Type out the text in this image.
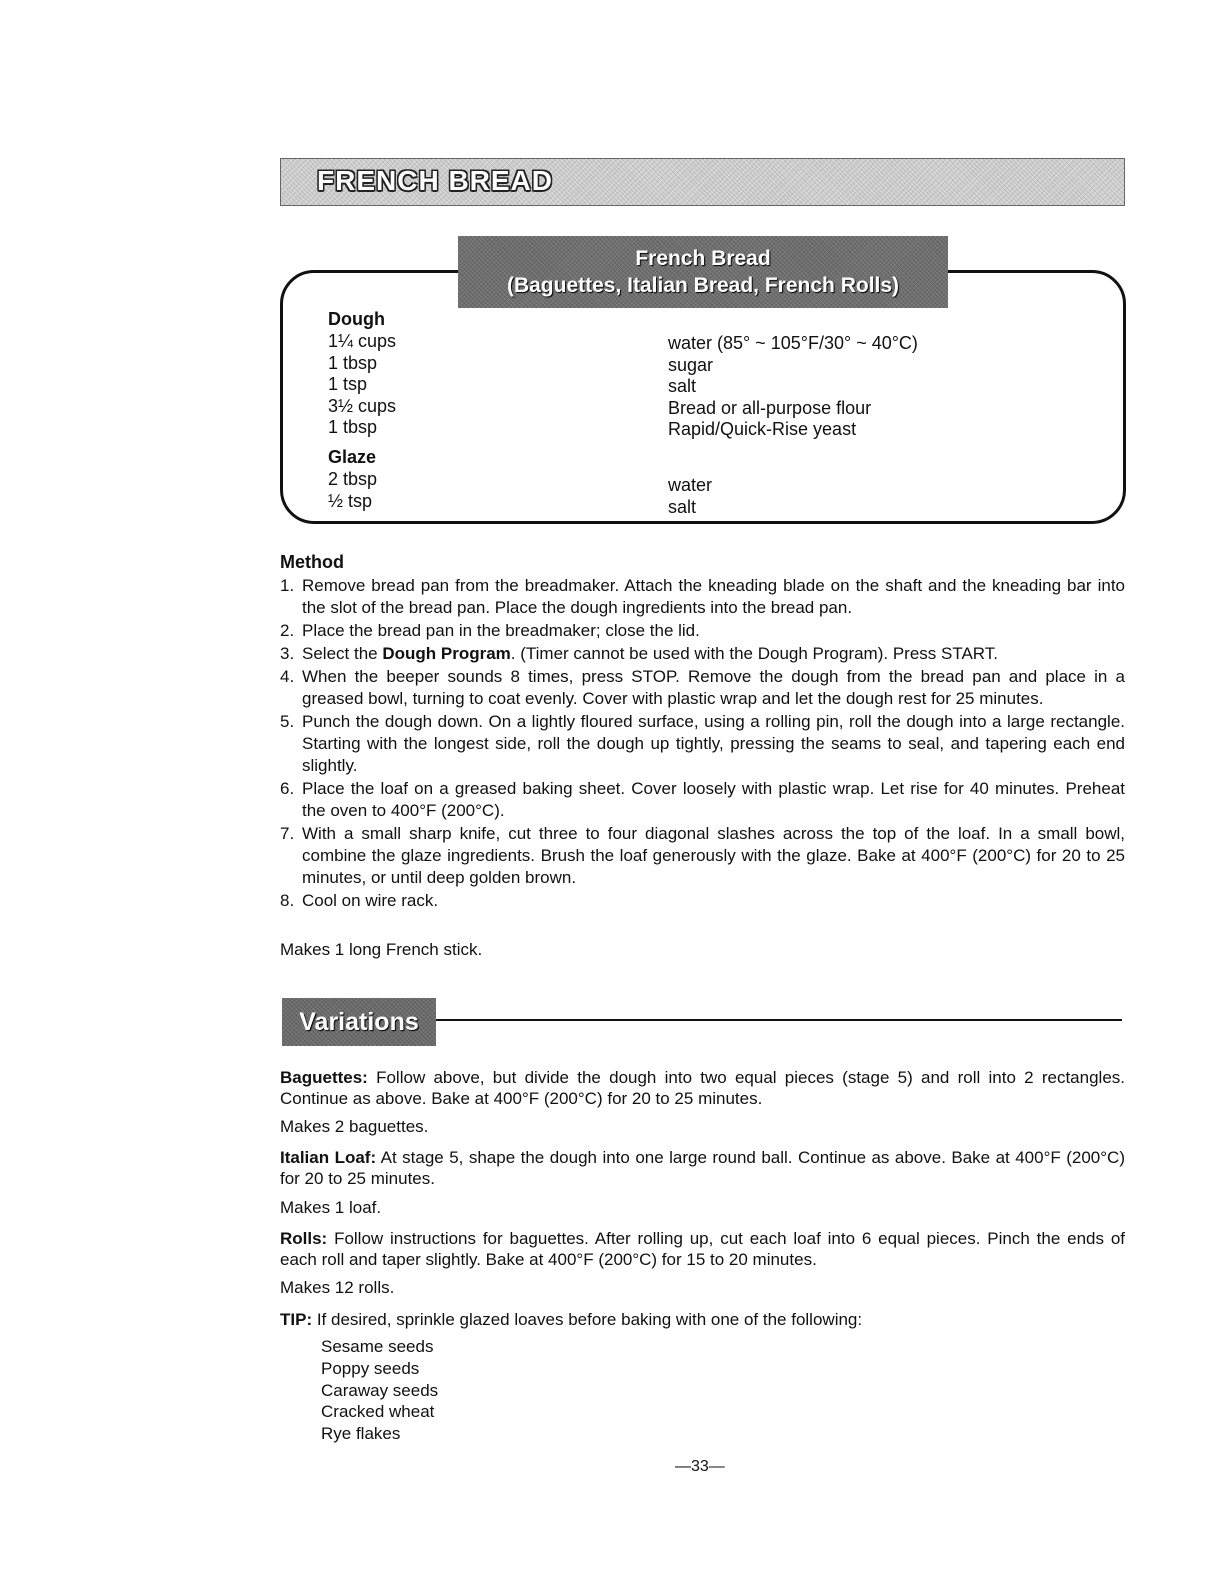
FRENCH BREAD
French Bread
(Baguettes, Italian Bread, French Rolls)
Dough
1¼ cups
1 tbsp
1 tsp
3½ cups
1 tbsp
water (85° ~ 105°F/30° ~ 40°C)
sugar
salt
Bread or all-purpose flour
Rapid/Quick-Rise yeast
Glaze
2 tbsp
½ tsp
water
salt
Method
1. Remove bread pan from the breadmaker. Attach the kneading blade on the shaft and the kneading bar into the slot of the bread pan. Place the dough ingredients into the bread pan.
2. Place the bread pan in the breadmaker; close the lid.
3. Select the Dough Program. (Timer cannot be used with the Dough Program). Press START.
4. When the beeper sounds 8 times, press STOP. Remove the dough from the bread pan and place in a greased bowl, turning to coat evenly. Cover with plastic wrap and let the dough rest for 25 minutes.
5. Punch the dough down. On a lightly floured surface, using a rolling pin, roll the dough into a large rectangle. Starting with the longest side, roll the dough up tightly, pressing the seams to seal, and tapering each end slightly.
6. Place the loaf on a greased baking sheet. Cover loosely with plastic wrap. Let rise for 40 minutes. Preheat the oven to 400°F (200°C).
7. With a small sharp knife, cut three to four diagonal slashes across the top of the loaf. In a small bowl, combine the glaze ingredients. Brush the loaf generously with the glaze. Bake at 400°F (200°C) for 20 to 25 minutes, or until deep golden brown.
8. Cool on wire rack.
Makes 1 long French stick.
Variations
Baguettes: Follow above, but divide the dough into two equal pieces (stage 5) and roll into 2 rectangles. Continue as above. Bake at 400°F (200°C) for 20 to 25 minutes.
Makes 2 baguettes.
Italian Loaf: At stage 5, shape the dough into one large round ball. Continue as above. Bake at 400°F (200°C) for 20 to 25 minutes.
Makes 1 loaf.
Rolls: Follow instructions for baguettes. After rolling up, cut each loaf into 6 equal pieces. Pinch the ends of each roll and taper slightly. Bake at 400°F (200°C) for 15 to 20 minutes.
Makes 12 rolls.
TIP: If desired, sprinkle glazed loaves before baking with one of the following:
Sesame seeds
Poppy seeds
Caraway seeds
Cracked wheat
Rye flakes
—33—
